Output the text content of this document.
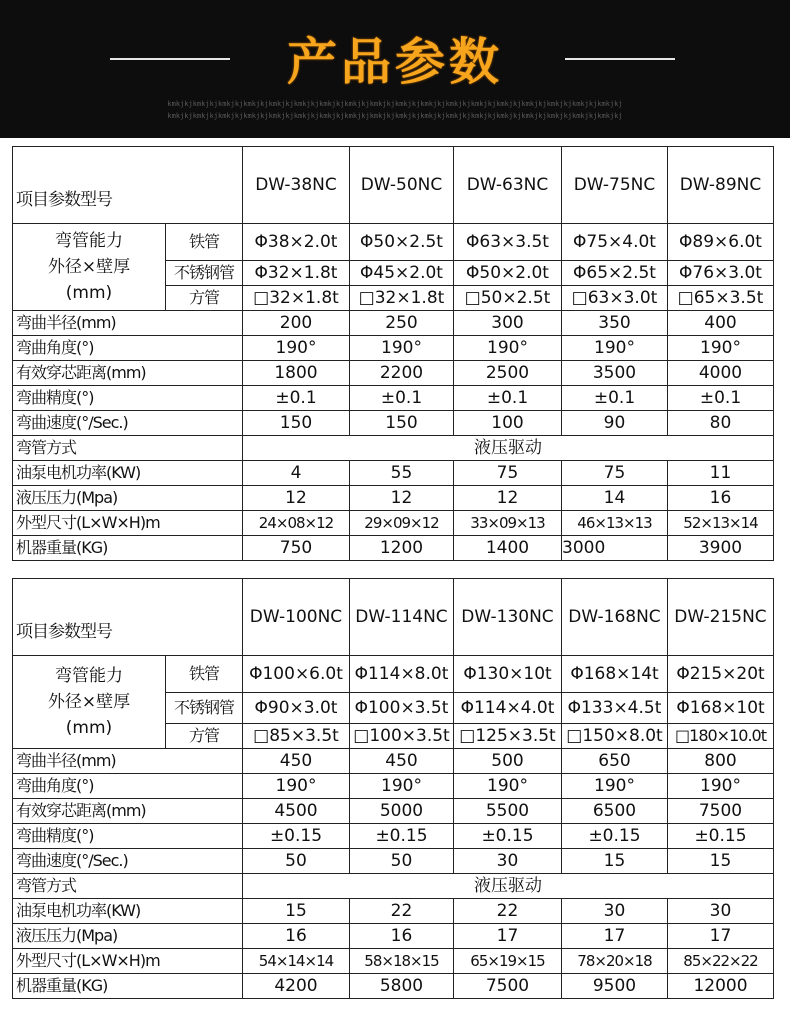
产品参数
kmkjkjkmkjkjkmkjkjkmkjkjkmkjkjkmkjkjkmkjkjkmkjkjkmkjkjkmkjkjkmkjkjkmkjkjkmkjkjkmkjkjkmkjkjkmkjkjkmkjkjkmkjkj
kmkjkjkmkjkjkmkjkjkmkjkjkmkjkjkmkjkjkmkjkjkmkjkjkmkjkjkmkjkjkmkjkjkmkjkjkmkjkjkmkjkjkmkjkjkmkjkjkmkjkjkmkjkj
项目参数型号		DW-38NC	DW-50NC	DW-63NC	DW-75NC	DW-89NC

弯管能力
外径×壁厚
(mm)	铁管	Φ38×2.0t	Φ50×2.5t	Φ63×3.5t	Φ75×4.0t	Φ89×6.0t
	不锈钢管	Φ32×1.8t	Φ45×2.0t	Φ50×2.0t	Φ65×2.5t	Φ76×3.0t
	方管	□32×1.8t	□32×1.8t	□50×2.5t	□63×3.0t	□65×3.5t
弯曲半径(mm)		200	250	300	350	400
弯曲角度(°)		190°	190°	190°	190°	190°
有效穿芯距离(mm)		1800	2200	2500	3500	4000
弯曲精度(°)		±0.1	±0.1	±0.1	±0.1	±0.1
弯曲速度(°/Sec.)		150	150	100	90	80
弯管方式		液压驱动				
油泵电机功率(KW)		4	55	75	75	11
液压压力(Mpa)		12	12	12	14	16
外型尺寸(L×W×H)m		24×08×12	29×09×12	33×09×13	46×13×13	52×13×14
机器重量(KG)		750	1200	1400	3000	3900
项目参数型号		DW-100NC	DW-114NC	DW-130NC	DW-168NC	DW-215NC

弯管能力
外径×壁厚
(mm)	铁管	Φ100×6.0t	Φ114×8.0t	Φ130×10t	Φ168×14t	Φ215×20t
	不锈钢管	Φ90×3.0t	Φ100×3.5t	Φ114×4.0t	Φ133×4.5t	Φ168×10t
	方管	□85×3.5t	□100×3.5t	□125×3.5t	□150×8.0t	□180×10.0t
弯曲半径(mm)		450	450	500	650	800
弯曲角度(°)		190°	190°	190°	190°	190°
有效穿芯距离(mm)		4500	5000	5500	6500	7500
弯曲精度(°)		±0.15	±0.15	±0.15	±0.15	±0.15
弯曲速度(°/Sec.)		50	50	30	15	15
弯管方式		液压驱动				
油泵电机功率(KW)		15	22	22	30	30
液压压力(Mpa)		16	16	17	17	17
外型尺寸(L×W×H)m		54×14×14	58×18×15	65×19×15	78×20×18	85×22×22
机器重量(KG)		4200	5800	7500	9500	12000
